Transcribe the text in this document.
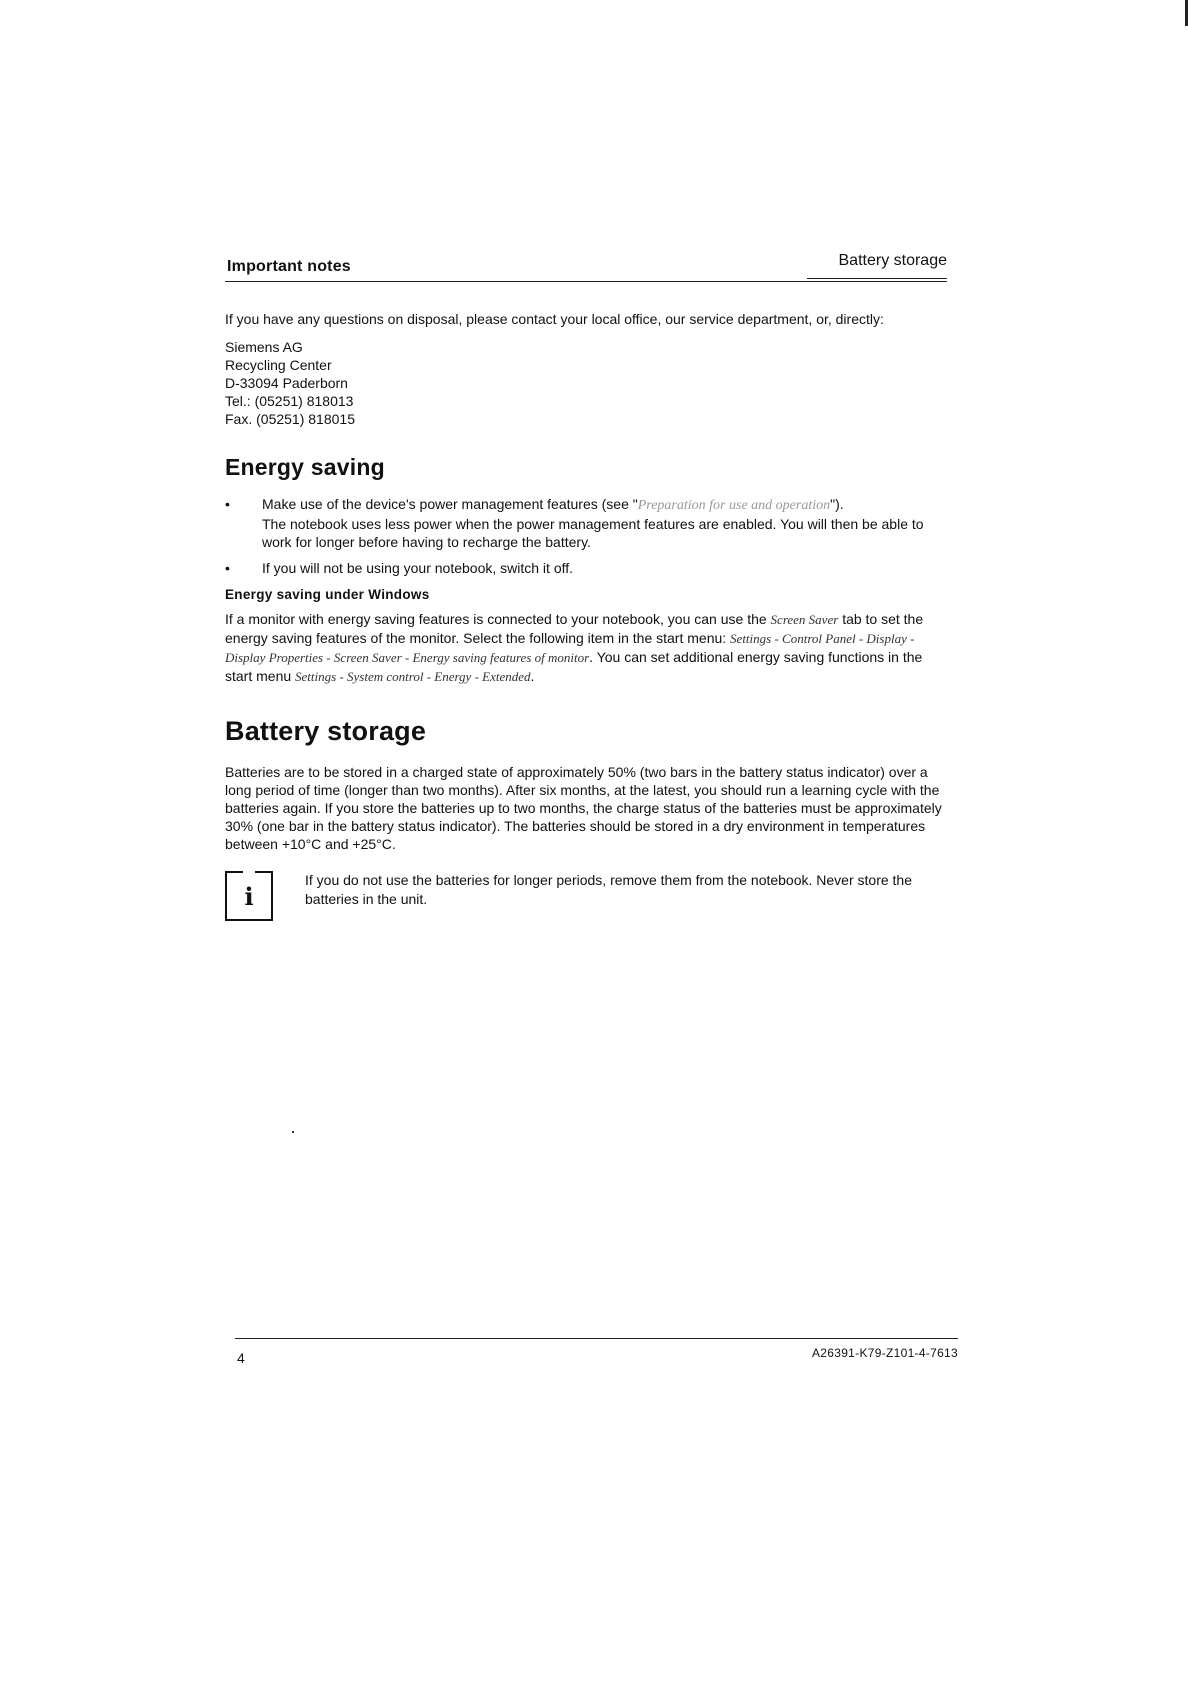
Important notes	Battery storage

If you have any questions on disposal, please contact your local office, our service department, or, directly:

Siemens AG
Recycling Center
D-33094 Paderborn
Tel.: (05251) 818013
Fax. (05251) 818015
Energy saving
• Make use of the device's power management features (see "Preparation for use and operation").
The notebook uses less power when the power management features are enabled. You will then be able to work for longer before having to recharge the battery.
• If you will not be using your notebook, switch it off.
Energy saving under Windows

If a monitor with energy saving features is connected to your notebook, you can use the Screen Saver tab to set the energy saving features of the monitor. Select the following item in the start menu: Settings - Control Panel - Display - Display Properties - Screen Saver - Energy saving features of monitor. You can set additional energy saving functions in the start menu Settings - System control - Energy - Extended.

Battery storage

Batteries are to be stored in a charged state of approximately 50% (two bars in the battery status indicator) over a long period of time (longer than two months). After six months, at the latest, you should run a learning cycle with the batteries again. If you store the batteries up to two months, the charge status of the batteries must be approximately 30% (one bar in the battery status indicator). The batteries should be stored in a dry environment in temperatures between +10°C and +25°C.

i
If you do not use the batteries for longer periods, remove them from the notebook. Never store the batteries in the unit.
4	A26391-K79-Z101-4-7613
